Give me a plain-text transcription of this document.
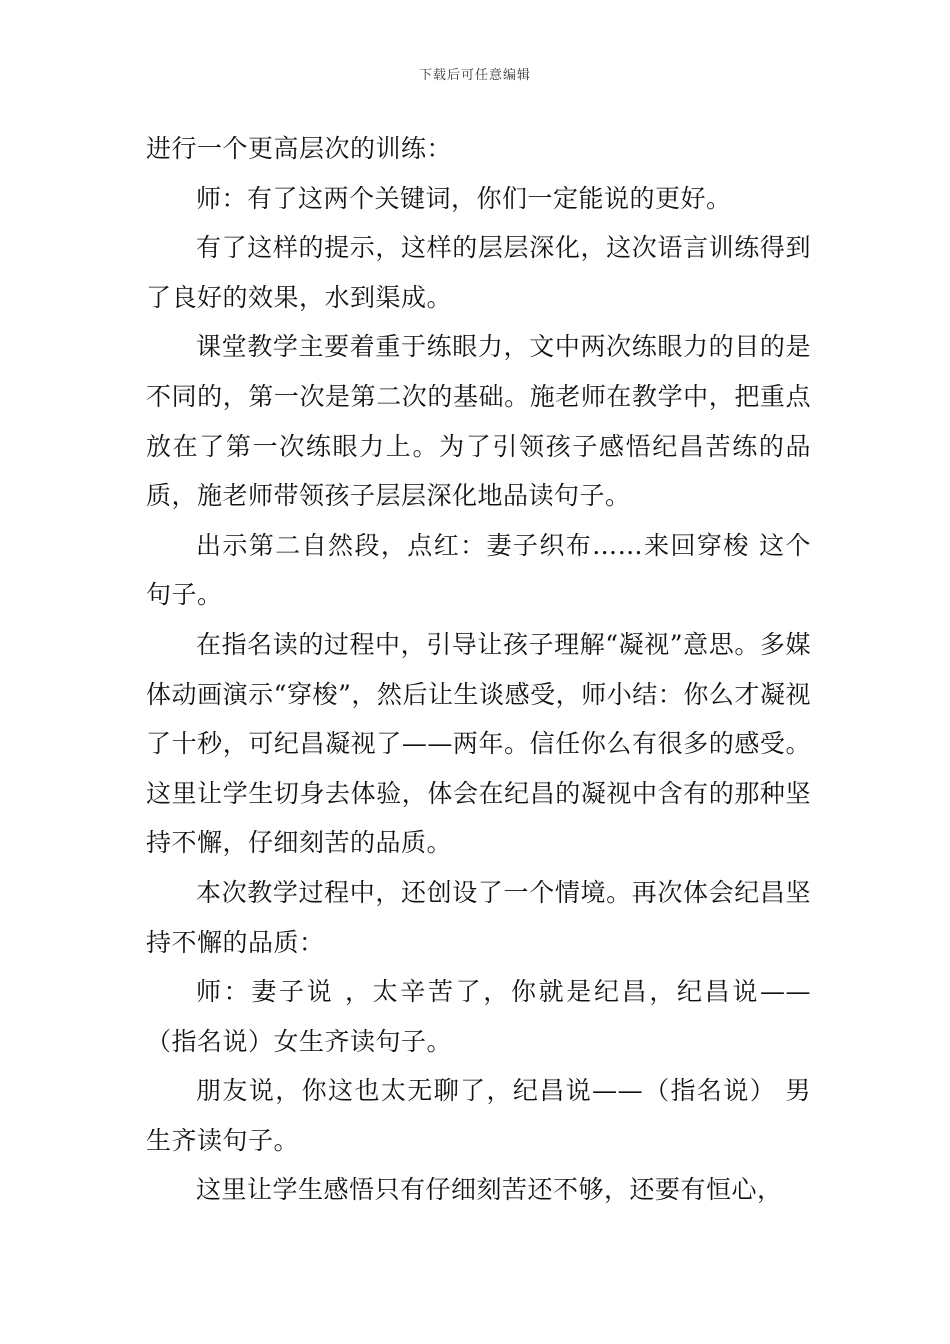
下载后可任意编辑

进行一个更高层次的训练：

师：有了这两个关键词，你们一定能说的更好。

有了这样的提示，这样的层层深化，这次语言训练得到了良好的效果，水到渠成。

课堂教学主要着重于练眼力，文中两次练眼力的目的是不同的，第一次是第二次的基础。施老师在教学中，把重点放在了第一次练眼力上。为了引领孩子感悟纪昌苦练的品质，施老师带领孩子层层深化地品读句子。

出示第二自然段，点红：妻子织布……来回穿梭 这个句子。

在指名读的过程中，引导让孩子理解“凝视”意思。多媒体动画演示“穿梭”，然后让生谈感受，师小结：你么才凝视了十秒，可纪昌凝视了——两年。信任你么有很多的感受。这里让学生切身去体验，体会在纪昌的凝视中含有的那种坚持不懈，仔细刻苦的品质。

本次教学过程中，还创设了一个情境。再次体会纪昌坚持不懈的品质：

师：妻子说 ，太辛苦了，你就是纪昌，纪昌说——（指名说）女生齐读句子。

朋友说，你这也太无聊了，纪昌说——（指名说） 男生齐读句子。

这里让学生感悟只有仔细刻苦还不够，还要有恒心，
